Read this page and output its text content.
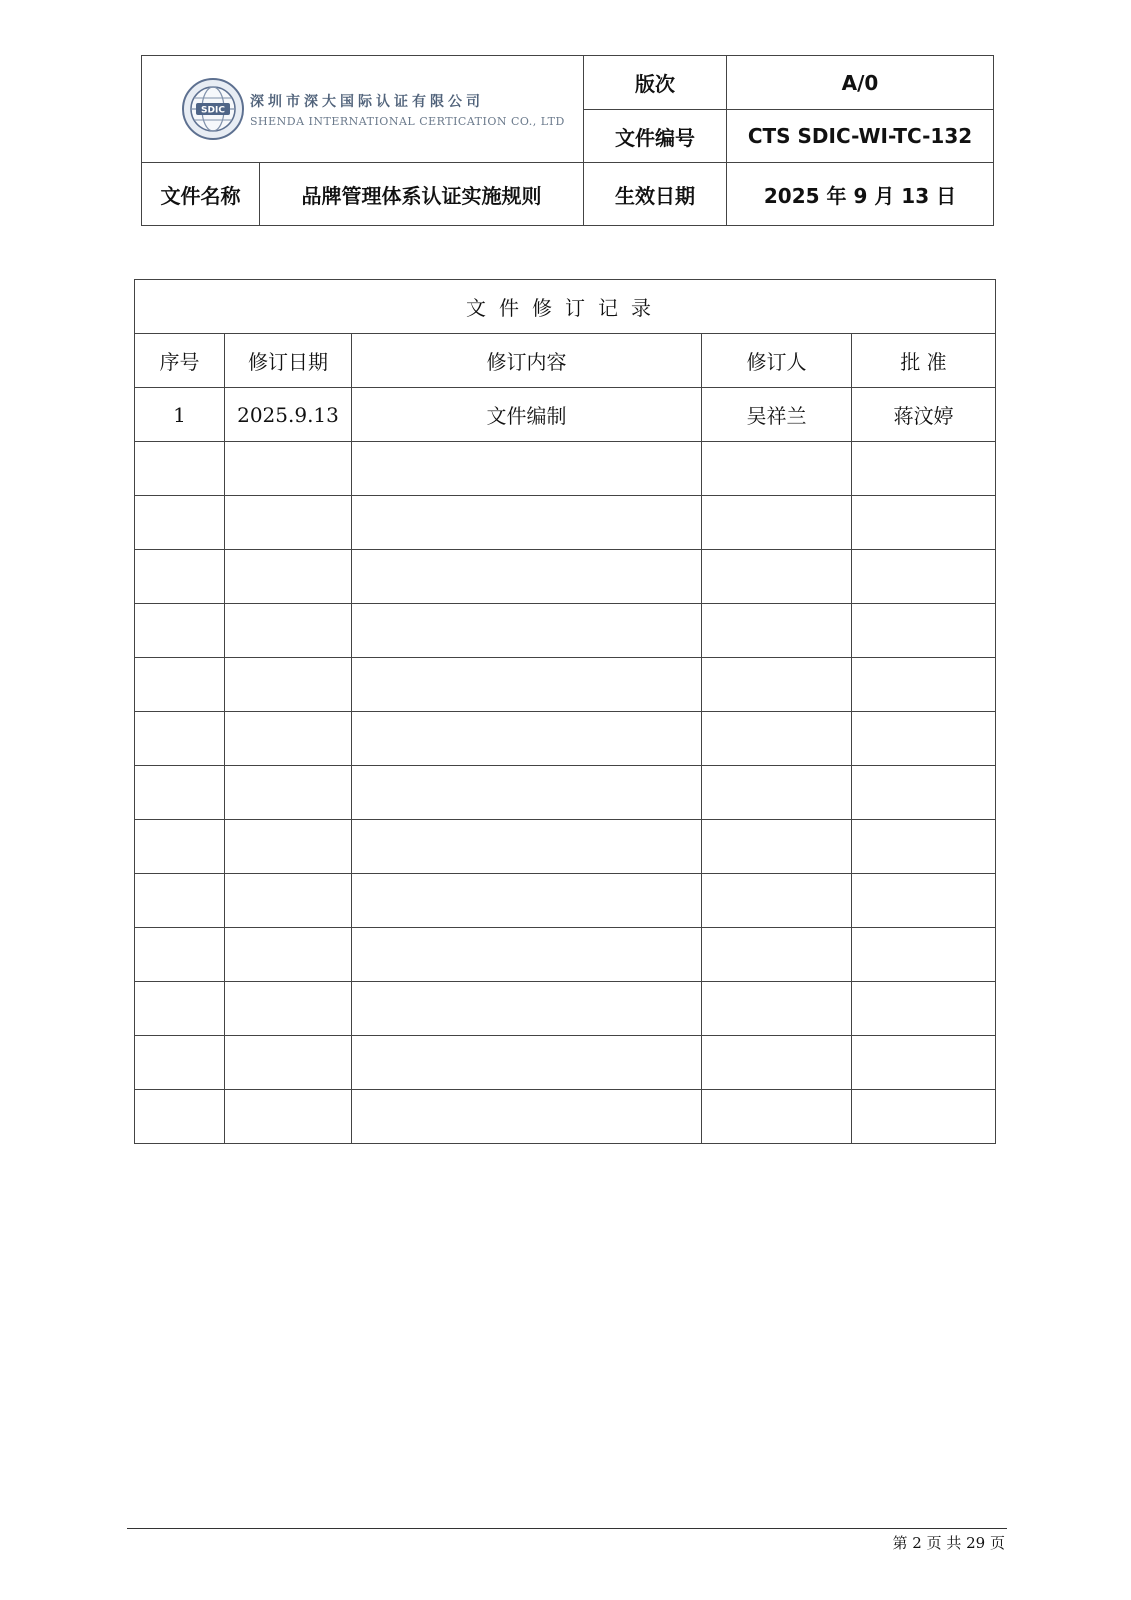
SDIC
深圳市深大国际认证有限公司
SHENDA INTERNATIONAL CERTICATION CO., LTD		版次	A/0
		文件编号	CTS SDIC-WI-TC-132
文件名称	品牌管理体系认证实施规则	生效日期	2025 年 9 月 13 日
文件修订记录				
序号	修订日期	修订内容	修订人	批 准
1	2025.9.13	文件编制	吴祥兰	蒋汶婷

第 2 页 共 29 页
